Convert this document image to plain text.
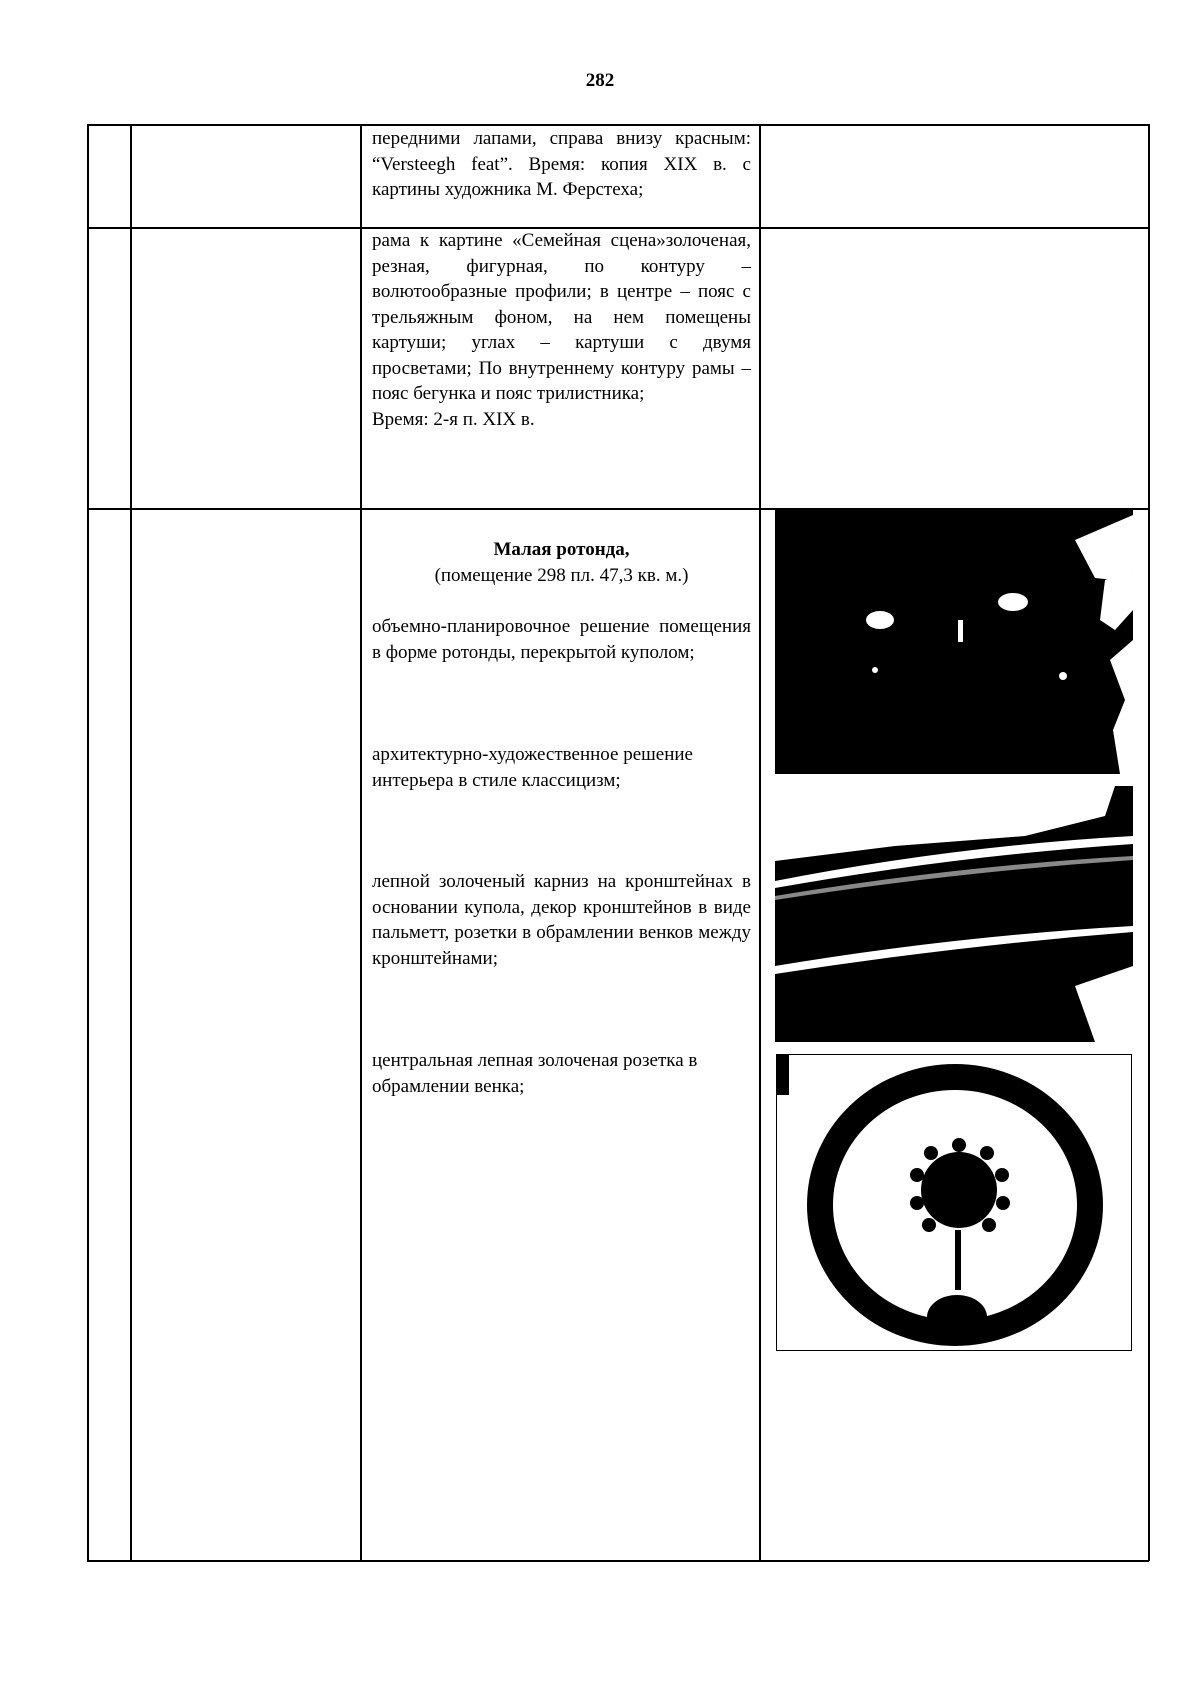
282

передними лапами, справа внизу красным: “Versteegh feat”. Время: копия XIX в. с картины художника М. Ферстеха;

рама к картине «Семейная сцена»золоченая, резная, фигурная, по контуру – волютообразные профили; в центре – пояс с трельяжным фоном, на нем помещены картуши; углах – картуши с двумя просветами; По внутреннему контуру рамы – пояс бегунка и пояс трилистника;

Время: 2-я п. XIX в.

Малая ротонда,

(помещение 298 пл. 47,3 кв. м.)

объемно-планировочное решение помещения в форме ротонды, перекрытой куполом;

архитектурно-художественное решение интерьера в стиле классицизм;

лепной золоченый карниз на кронштейнах в основании купола, декор кронштейнов в виде пальметт, розетки в обрамлении венков между кронштейнами;

центральная лепная золоченая розетка в обрамлении венка;
